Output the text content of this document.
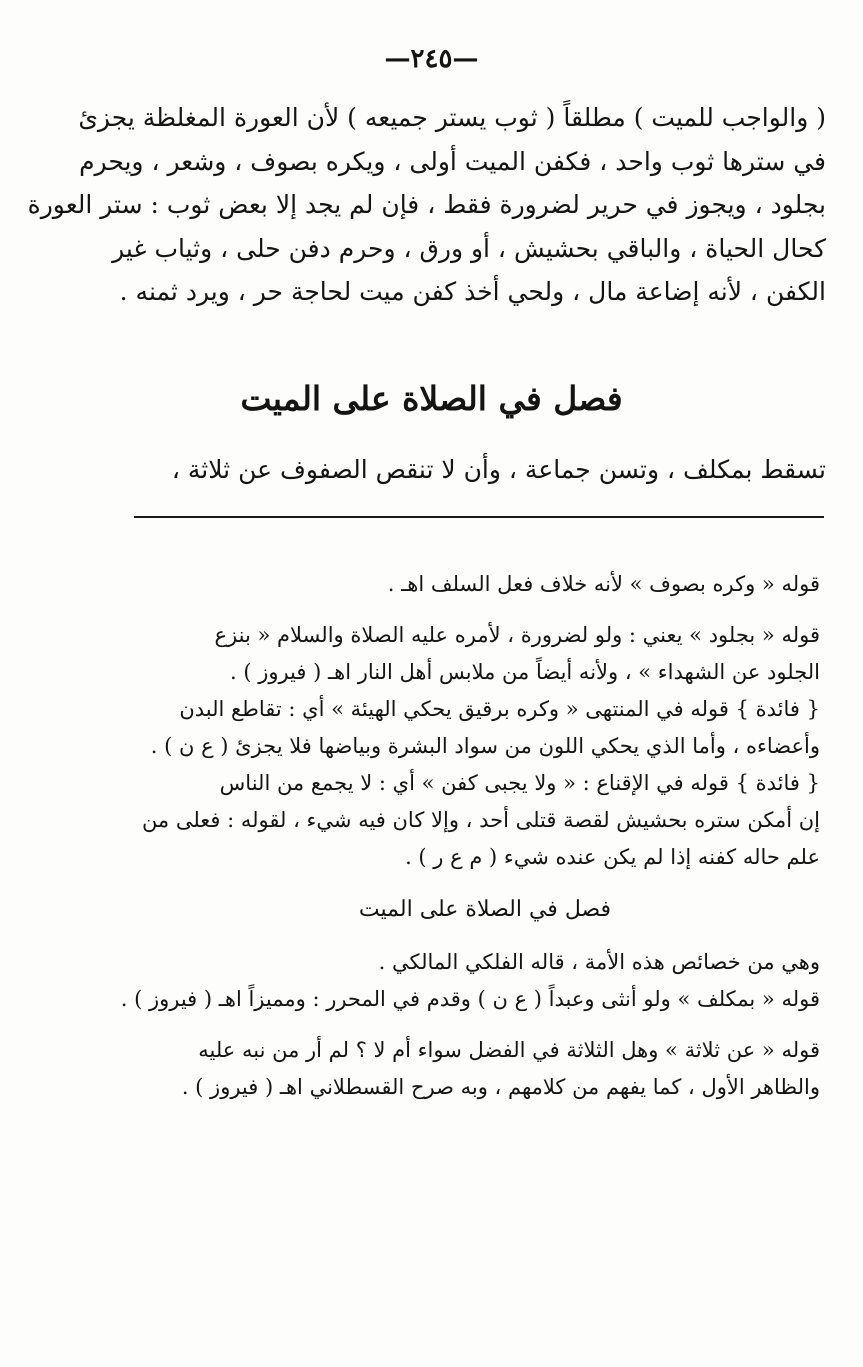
—٢٤٥—
( والواجب للميت ) مطلقاً ( ثوب يستر جميعه ) لأن العورة المغلظة يجزئ
في سترها ثوب واحد ، فكفن الميت أولى ، ويكره بصوف ، وشعر ، ويحرم
بجلود ، ويجوز في حرير لضرورة فقط ، فإن لم يجد إلا بعض ثوب : ستر العورة
كحال الحياة ، والباقي بحشيش ، أو ورق ، وحرم دفن حلى ، وثياب غير
الكفن ، لأنه إضاعة مال ، ولحي أخذ كفن ميت لحاجة حر ، ويرد ثمنه .
فصل في الصلاة على الميت
تسقط بمكلف ، وتسن جماعة ، وأن لا تنقص الصفوف عن ثلاثة ،
قوله « وكره بصوف » لأنه خلاف فعل السلف اهـ .
قوله « بجلود » يعني : ولو لضرورة ، لأمره عليه الصلاة والسلام « بنزع
الجلود عن الشهداء » ، ولأنه أيضاً من ملابس أهل النار اهـ ( فيروز ) .
{ فائدة } قوله في المنتهى « وكره برقيق يحكي الهيئة » أي : تقاطع البدن
وأعضاءه ، وأما الذي يحكي اللون من سواد البشرة وبياضها فلا يجزئ ( ع ن ) .
{ فائدة } قوله في الإقناع : « ولا يجبى كفن » أي : لا يجمع من الناس
إن أمكن ستره بحشيش لقصة قتلى أحد ، وإلا كان فيه شيء ، لقوله : فعلى من
علم حاله كفنه إذا لم يكن عنده شيء ( م ع ر ) .
فصل في الصلاة على الميت
وهي من خصائص هذه الأمة ، قاله الفلكي المالكي .
قوله « بمكلف » ولو أنثى وعبداً ( ع ن ) وقدم في المحرر : ومميزاً اهـ ( فيروز ) .
قوله « عن ثلاثة » وهل الثلاثة في الفضل سواء أم لا ؟ لم أر من نبه عليه
والظاهر الأول ، كما يفهم من كلامهم ، وبه صرح القسطلاني اهـ ( فيروز ) .
